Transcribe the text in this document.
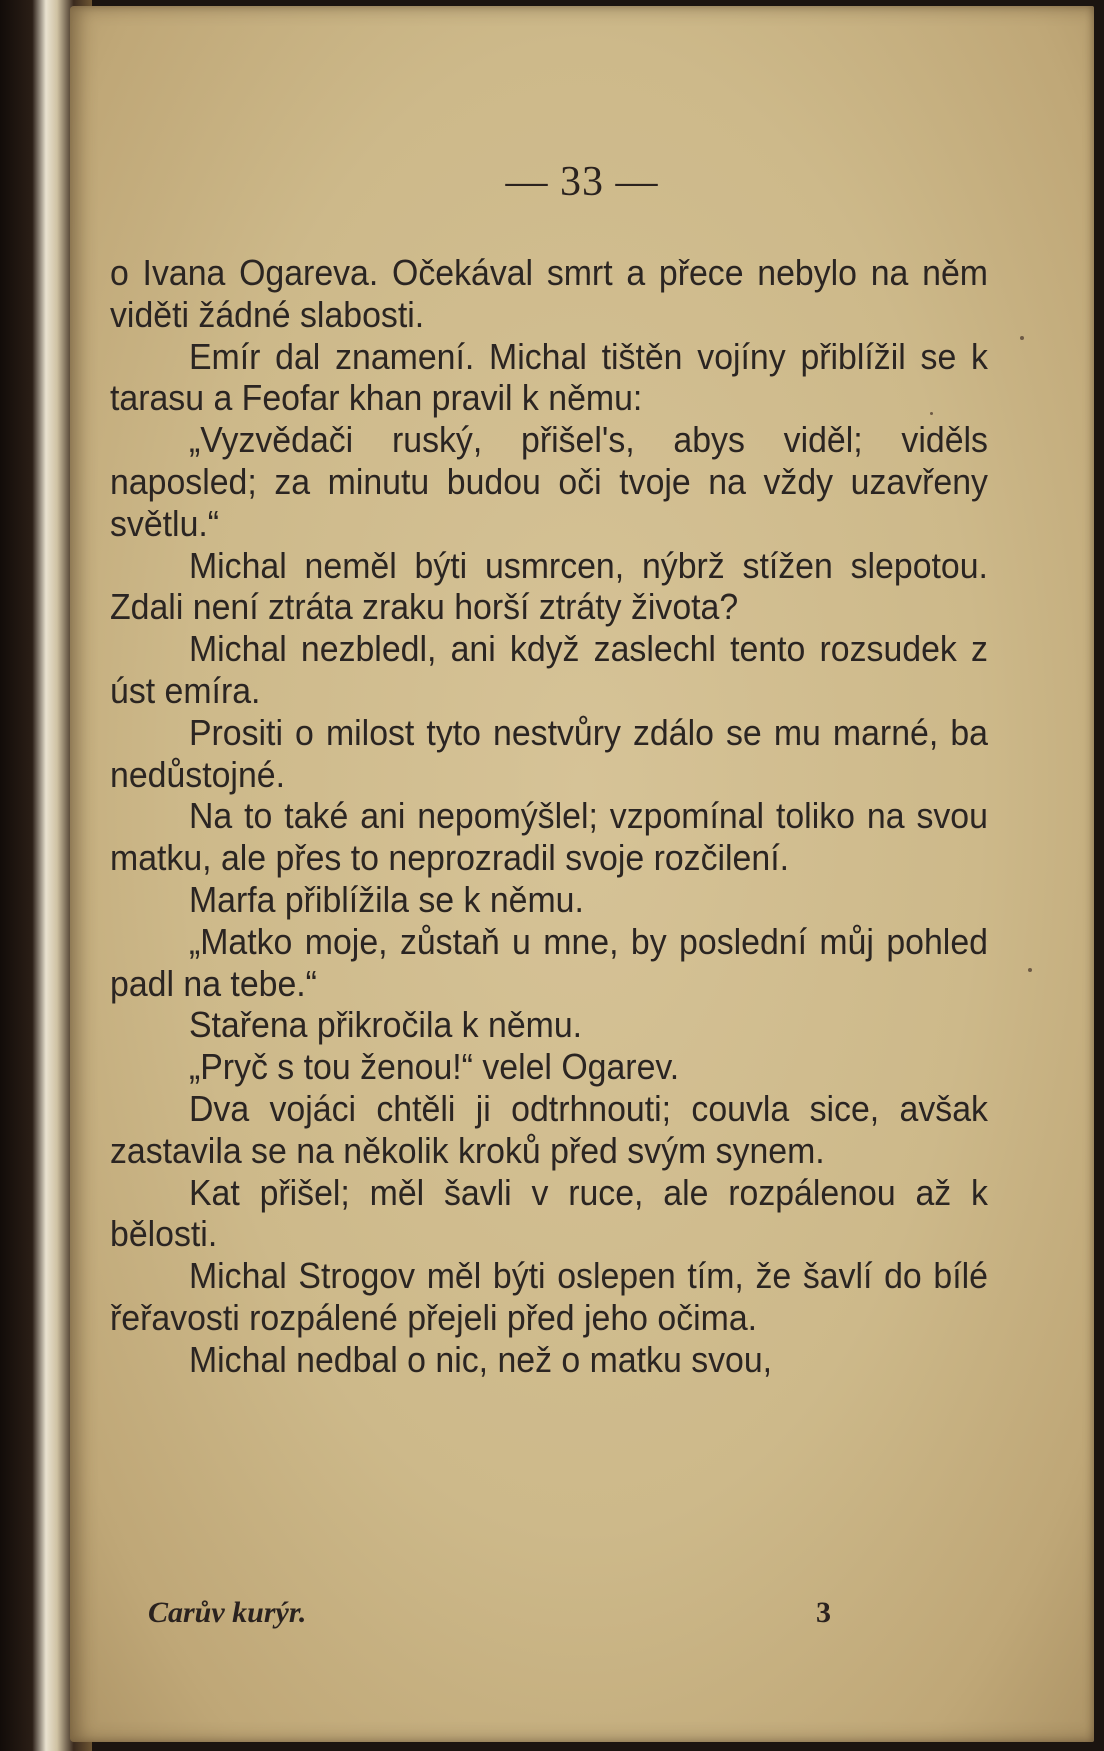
— 33 —

o Ivana Ogareva. Očekával smrt a přece nebylo na něm viděti žádné slabosti.

Emír dal znamení. Michal tištěn vojíny přiblížil se k tarasu a Feofar khan pravil k němu:

„Vyzvědači ruský, přišel's, abys viděl; viděls naposled; za minutu budou oči tvoje na vždy uzavřeny světlu.“

Michal neměl býti usmrcen, nýbrž stížen slepotou. Zdali není ztráta zraku horší ztráty života?

Michal nezbledl, ani když zaslechl tento rozsudek z úst emíra.

Prositi o milost tyto nestvůry zdálo se mu marné, ba nedůstojné.

Na to také ani nepomýšlel; vzpomínal toliko na svou matku, ale přes to neprozradil svoje rozčilení.

Marfa přiblížila se k němu.

„Matko moje, zůstaň u mne, by poslední můj pohled padl na tebe.“

Stařena přikročila k němu.

„Pryč s tou ženou!“ velel Ogarev.

Dva vojáci chtěli ji odtrhnouti; couvla sice, avšak zastavila se na několik kroků před svým synem.

Kat přišel; měl šavli v ruce, ale rozpálenou až k bělosti.

Michal Strogov měl býti oslepen tím, že šavlí do bílé řeřavosti rozpálené přejeli před jeho očima.

Michal nedbal o nic, než o matku svou,

Carův kurýr.	3
